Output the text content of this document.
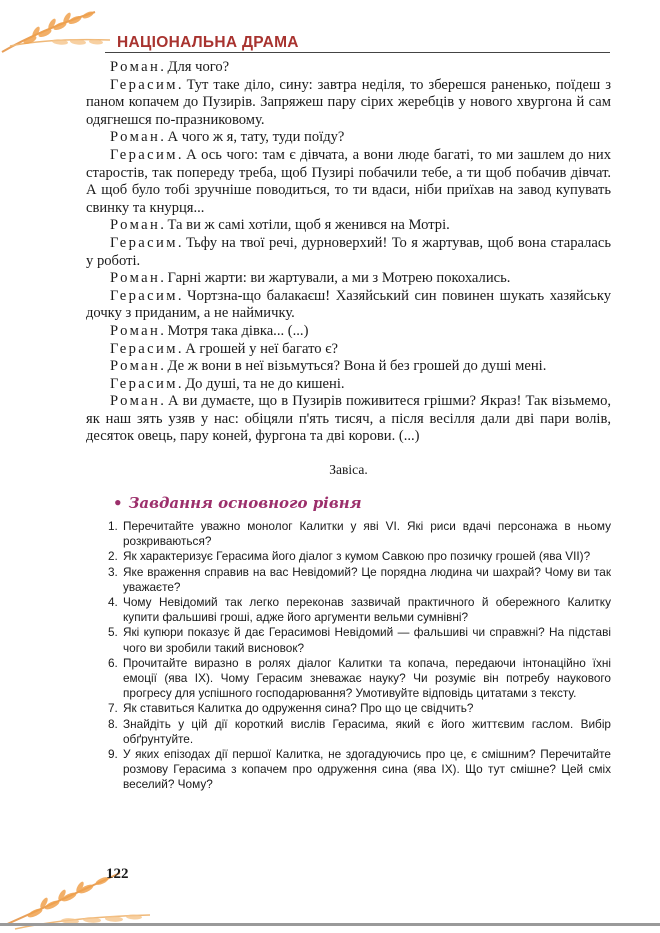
НАЦІОНАЛЬНА ДРАМА

Роман. Для чого?

Герасим. Тут таке діло, сину: завтра неділя, то зберешся раненько, поїдеш з паном копачем до Пузирів. Запряжеш пару сірих жеребців у нового хвургона й сам одягнешся по-празниковому.

Роман. А чого ж я, тату, туди поїду?

Герасим. А ось чого: там є дівчата, а вони люде багаті, то ми зашлем до них старостів, так попереду треба, щоб Пузирі побачили тебе, а ти щоб побачив дівчат. А щоб було тобі зручніше поводиться, то ти вдаси, ніби приїхав на завод купувать свинку та кнурця...

Роман. Та ви ж самі хотіли, щоб я женився на Мотрі.

Герасим. Тьфу на твої речі, дурноверхий! То я жартував, щоб вона старалась у роботі.

Роман. Гарні жарти: ви жартували, а ми з Мотрею покохались.

Герасим. Чортзна-що балакаєш! Хазяйський син повинен шукать хазяйську дочку з приданим, а не наймичку.

Роман. Мотря така дівка... (...)

Герасим. А грошей у неї багато є?

Роман. Де ж вони в неї візьмуться? Вона й без грошей до душі мені.

Герасим. До душі, та не до кишені.

Роман. А ви думаєте, що в Пузирів поживитеся грішми? Якраз! Так візьмемо, як наш зять узяв у нас: обіцяли п'ять тисяч, а після весілля дали дві пари волів, десяток овець, пару коней, фургона та дві корови. (...)

Завіса.

• Завдання основного рівня
1. Перечитайте уважно монолог Калитки у яві VI. Які риси вдачі персонажа в ньому розкриваються?
2. Як характеризує Герасима його діалог з кумом Савкою про позичку грошей (ява VII)?
3. Яке враження справив на вас Невідомий? Це порядна людина чи шахрай? Чому ви так уважаєте?
4. Чому Невідомий так легко переконав зазвичай практичного й обережного Калитку купити фальшиві гроші, адже його аргументи вельми сумнівні?
5. Які купюри показує й дає Герасимові Невідомий — фальшиві чи справжні? На підставі чого ви зробили такий висновок?
6. Прочитайте виразно в ролях діалог Калитки та копача, передаючи інтонаційно їхні емоції (ява IX). Чому Герасим зневажає науку? Чи розуміє він потребу наукового прогресу для успішного господарювання? Умотивуйте відповідь цитатами з тексту.
7. Як ставиться Калитка до одруження сина? Про що це свідчить?
8. Знайдіть у цій дії короткий вислів Герасима, який є його життєвим гаслом. Вибір обґрунтуйте.
9. У яких епізодах дії першої Калитка, не здогадуючись про це, є смішним? Перечитайте розмову Герасима з копачем про одруження сина (ява IX). Що тут смішне? Цей сміх веселий? Чому?
122
